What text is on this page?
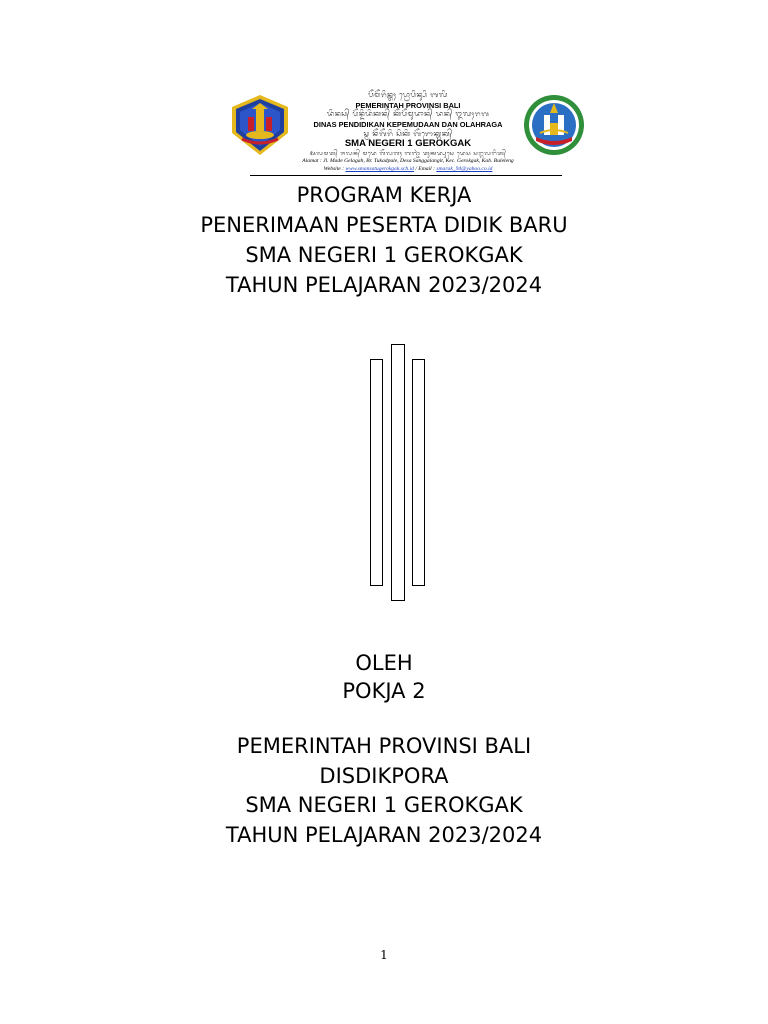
ᬧᭂᬫᭂᬭᬶᬦ᭄ᬢᬄ ᬧ᭄ᬭᭀᬧᬶᬦ᭄ᬲᬶ ᬩᬮᬶ
PEMERINTAH PROVINSI BALI
ᬤᬶᬦᬲ᭄ ᬧᭂᬦ᭄ᬤᬶᬤᬶᬓᬦ᭄ ᬓᭂᬧᭂᬫᬸᬤᬵᬦ᭄ ᬤᬦ᭄ ᬑᬮᬄᬭᬕ
DINAS PENDIDIKAN KEPEMUDAAN DAN OLAHRAGA
ᬲ᭄ᬫ ᬦᭂᬕᭂᬭᬶ ᬲᬶᬓᬶ ᬕᭂᬭᭀᬓ᭄ᬕᬓ᭄
SMA NEGERI 1 GEROKGAK
ᬅᬮᬫᬢ᭄ ᬚᬮᬦ᭄ ᬫᬤᬾ ᬕᭂᬮᬕᬄ ᬩᬜ᭄ᬚᬃ ᬢᬸᬓᬤ᭄ᬧᬸᬲᬾ ᬤᬾᬲ ᬲᬗ᭄ᬕᬮᬗᬶᬢ᭄
Alamat : Jl. Made Gelagah, Br. Tukadpule, Desa Sanggalangit, Kec. Gerokgak, Kab. Buleleng
Website : www.smansatugerokgak.sch.id / Email : smarak_94@yahoo.co.id
PROGRAM KERJA
PENERIMAAN PESERTA DIDIK BARU
SMA NEGERI 1 GEROKGAK
TAHUN PELAJARAN 2023/2024
OLEH
POKJA 2
PEMERINTAH PROVINSI BALI
DISDIKPORA
SMA NEGERI 1 GEROKGAK
TAHUN PELAJARAN 2023/2024
1
